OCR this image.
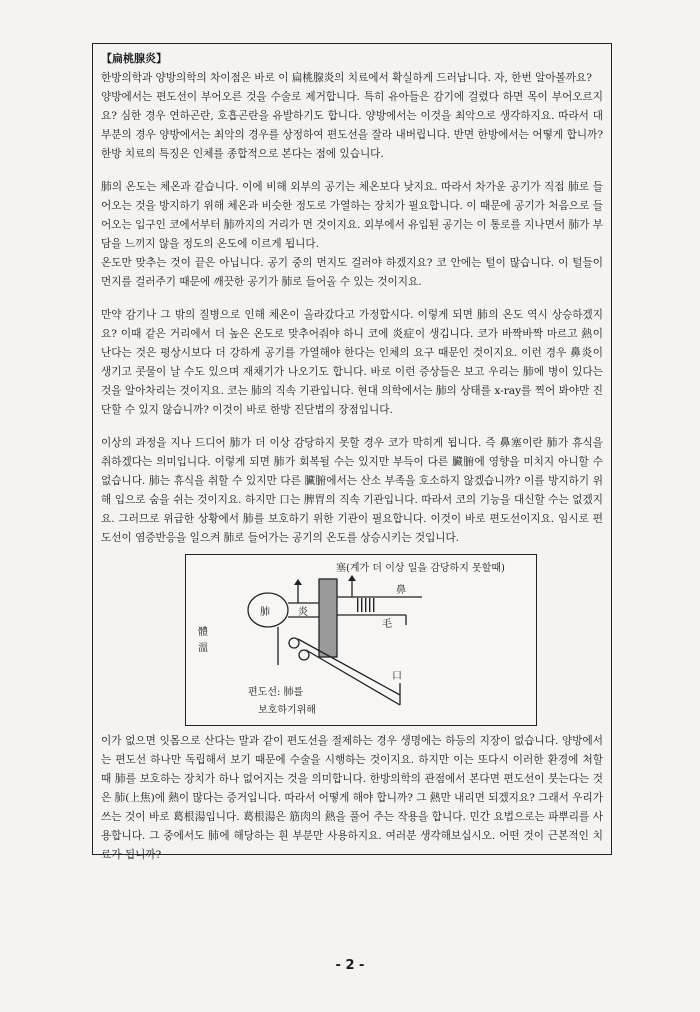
【扁桃腺炎】

한방의학과 양방의학의 차이점은 바로 이 扁桃腺炎의 치료에서 확실하게 드러납니다. 자, 한번 알아볼까요?

양방에서는 편도선이 부어오른 것을 수술로 제거합니다. 특히 유아들은 감기에 걸렸다 하면 목이 부어오르지요? 심한 경우 연하곤란, 호흡곤란을 유발하기도 합니다. 양방에서는 이것을 최악으로 생각하지요. 따라서 대부분의 경우 양방에서는 최악의 경우를 상정하여 편도선을 잘라 내버립니다. 반면 한방에서는 어떻게 합니까? 한방 치료의 특징은 인체를 종합적으로 본다는 점에 있습니다.

肺의 온도는 체온과 같습니다. 이에 비해 외부의 공기는 체온보다 낮지요. 따라서 차가운 공기가 직접 肺로 들어오는 것을 방지하기 위해 체온과 비슷한 정도로 가열하는 장치가 필요합니다. 이 때문에 공기가 처음으로 들어오는 입구인 코에서부터 肺까지의 거리가 먼 것이지요. 외부에서 유입된 공기는 이 통로를 지나면서 肺가 부담을 느끼지 않을 정도의 온도에 이르게 됩니다.

온도만 맞추는 것이 끝은 아닙니다. 공기 중의 먼지도 걸러야 하겠지요? 코 안에는 털이 많습니다. 이 털들이 먼지를 걸러주기 때문에 깨끗한 공기가 肺로 들어올 수 있는 것이지요.

만약 감기나 그 밖의 질병으로 인해 체온이 올라갔다고 가정합시다. 이렇게 되면 肺의 온도 역시 상승하겠지요? 이때 같은 거리에서 더 높은 온도로 맞추어줘야 하니 코에 炎症이 생깁니다. 코가 바짝바짝 마르고 熱이 난다는 것은 평상시보다 더 강하게 공기를 가열해야 한다는 인체의 요구 때문인 것이지요. 이런 경우 鼻炎이 생기고 콧물이 날 수도 있으며 재채기가 나오기도 합니다. 바로 이런 증상들은 보고 우리는 肺에 병이 있다는 것을 알아차리는 것이지요. 코는 肺의 직속 기관입니다. 현대 의학에서는 肺의 상태를 x-ray를 찍어 봐야만 진단할 수 있지 않습니까? 이것이 바로 한방 진단법의 장점입니다.

이상의 과정을 지나 드디어 肺가 더 이상 감당하지 못할 경우 코가 막히게 됩니다. 즉 鼻塞이란 肺가 휴식을 취하겠다는 의미입니다. 이렇게 되면 肺가 회복될 수는 있지만 부득이 다른 臟腑에 영향을 미치지 아니할 수 없습니다. 肺는 휴식을 취할 수 있지만 다른 臟腑에서는 산소 부족을 호소하지 않겠습니까? 이를 방지하기 위해 입으로 숨을 쉬는 것이지요. 하지만 口는 脾胃의 직속 기관입니다. 따라서 코의 기능을 대신할 수는 없겠지요. 그러므로 위급한 상황에서 肺를 보호하기 위한 기관이 필요합니다. 이것이 바로 편도선이지요. 임시로 편도선이 염증반응을 일으켜 肺로 들어가는 공기의 온도를 상승시키는 것입니다.

塞(계가 더 이상 일을 감당하지 못할때)
肺	炎
鼻
毛
體
溫
口
편도선: 肺를
보호하기위해

이가 없으면 잇몸으로 산다는 말과 같이 편도선을 절제하는 경우 생명에는 하등의 지장이 없습니다. 양방에서는 편도선 하나만 독립해서 보기 때문에 수술을 시행하는 것이지요. 하지만 이는 또다시 이러한 환경에 처할 때 肺를 보호하는 장치가 하나 없어지는 것을 의미합니다. 한방의학의 관점에서 본다면 편도선이 붓는다는 것은 肺(上焦)에 熱이 많다는 증거입니다. 따라서 어떻게 해야 합니까? 그 熱만 내리면 되겠지요? 그래서 우리가 쓰는 것이 바로 葛根湯입니다. 葛根湯은 筋肉의 熱을 풀어 주는 작용을 합니다. 민간 요법으로는 파뿌리를 사용합니다. 그 중에서도 肺에 해당하는 흰 부분만 사용하지요. 여러분 생각해보십시오. 어떤 것이 근본적인 치료가 됩니까?

- 2 -
